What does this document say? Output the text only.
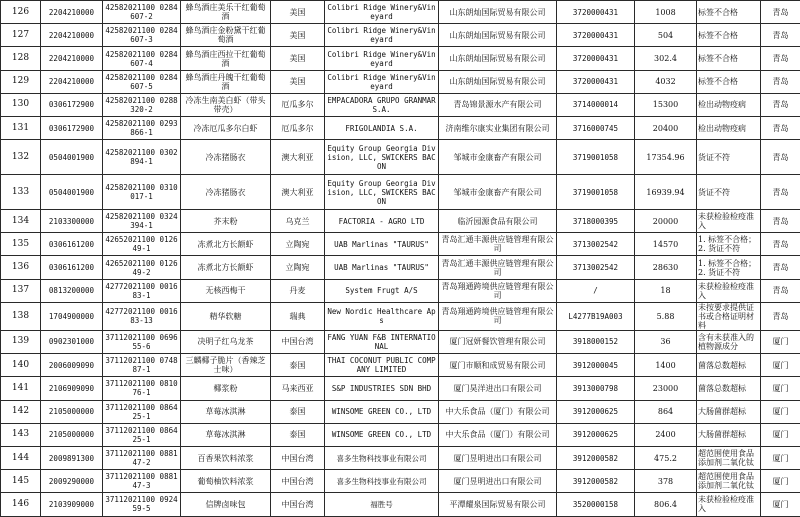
126	2204210000	42582021100 0284607-2	蜂鸟酒庄美乐干红葡萄酒	美国	Colibri Ridge Winery&Vineyard	山东朗灿国际贸易有限公司	3720000431	1008	标签不合格	青岛
127	2204210000	42582021100 0284607-3	蜂鸟酒庄金粉黛干红葡萄酒	美国	Colibri Ridge Winery&Vineyard	山东朗灿国际贸易有限公司	3720000431	504	标签不合格	青岛
128	2204210000	42582021100 0284607-4	蜂鸟酒庄西拉干红葡萄酒	美国	Colibri Ridge Winery&Vineyard	山东朗灿国际贸易有限公司	3720000431	302.4	标签不合格	青岛
129	2204210000	42582021100 0284607-5	蜂鸟酒庄丹魄干红葡萄酒	美国	Colibri Ridge Winery&Vineyard	山东朗灿国际贸易有限公司	3720000431	4032	标签不合格	青岛
130	0306172900	42582021100 0288320-2	冷冻生南美白虾（带头带壳）	厄瓜多尔	EMPACADORA GRUPO GRANMAR S.A.	青岛锦景源水产有限公司	3714000014	15300	检出动物疫病	青岛
131	0306172900	42582021100 0293866-1	冷冻厄瓜多尔白虾	厄瓜多尔	FRIGOLANDIA S.A.	济南维尔康实业集团有限公司	3716000745	20400	检出动物疫病	青岛
132	0504001900	42582021100 0302894-1	冷冻猪肠衣	澳大利亚	Equity Group Georgia Division, LLC, SWICKERS BACON	邹城市金康畜产有限公司	3719001058	17354.96	货证不符	青岛
133	0504001900	42582021100 0310017-1	冷冻猪肠衣	澳大利亚	Equity Group Georgia Division, LLC, SWICKERS BACON	邹城市金康畜产有限公司	3719001058	16939.94	货证不符	青岛
134	2103300000	42582021100 0324394-1	芥末粉	乌克兰	FACTORIA - AGRO LTD	临沂园源食品有限公司	3718000395	20000	未获检验检疫准入	青岛
135	0306161200	42652021100 012649-1	冻煮北方长额虾	立陶宛	UAB Marlinas "TAURUS"	青岛汇通丰源供应链管理有限公司	3713002542	14570	1. 标签不合格；2. 货证不符	青岛
136	0306161200	42652021100 012649-2	冻煮北方长额虾	立陶宛	UAB Marlinas "TAURUS"	青岛汇通丰源供应链管理有限公司	3713002542	28630	1. 标签不合格；2. 货证不符	青岛
137	0813200000	42772021100 001683-1	无核西梅干	丹麦	System Frugt A/S	青岛翔通跨境供应链管理有限公司	/	18	未获检验检疫准入	青岛
138	1704900000	42772021100 001683-13	精华软糖	瑞典	New Nordic Healthcare Aps	青岛翔通跨境供应链管理有限公司	L4277B19A003	5.88	未按要求提供证书或合格证明材料	青岛
139	0902301000	37112021100 069655-6	决明子红乌龙茶	中国台湾	FANG YUAN F&B INTERNATIONAL	厦门冠妍餐饮管理有限公司	3918000152	36	含有未获准入的植物源成分	厦门
140	2006009090	37112021100 074887-1	三麟椰子脆片（香辣芝士味）	泰国	THAI COCONUT PUBLIC COMPANY LIMITED	厦门市顺和成贸易有限公司	3912000045	1400	菌落总数超标	厦门
141	2106909090	37112021100 081076-1	椰浆粉	马来西亚	S&P INDUSTRIES SDN BHD	厦门昊洋进出口有限公司	3913000798	23000	菌落总数超标	厦门
142	2105000000	37112021100 086425-1	草莓冰淇淋	泰国	WINSOME GREEN CO., LTD	中大乐食品（厦门）有限公司	3912000625	864	大肠菌群超标	厦门
143	2105000000	37112021100 086425-1	草莓冰淇淋	泰国	WINSOME GREEN CO., LTD	中大乐食品（厦门）有限公司	3912000625	2400	大肠菌群超标	厦门
144	2009891300	37112021100 088147-2	百香果饮料浓浆	中国台湾	喜多生物科技事业有限公司	厦门昱明进出口有限公司	3912000582	475.2	超范围使用食品添加剂二氧化钛	厦门
145	2009290000	37112021100 088147-3	葡萄柚饮料浓浆	中国台湾	喜多生物科技事业有限公司	厦门昱明进出口有限公司	3912000582	378	超范围使用食品添加剂二氧化钛	厦门
146	2103909000	37112021100 092459-5	信牌卤味包	中国台湾	福胜号	平潭耀泉国际贸易有限公司	3520000158	806.4	未获检验检疫准入	厦门
